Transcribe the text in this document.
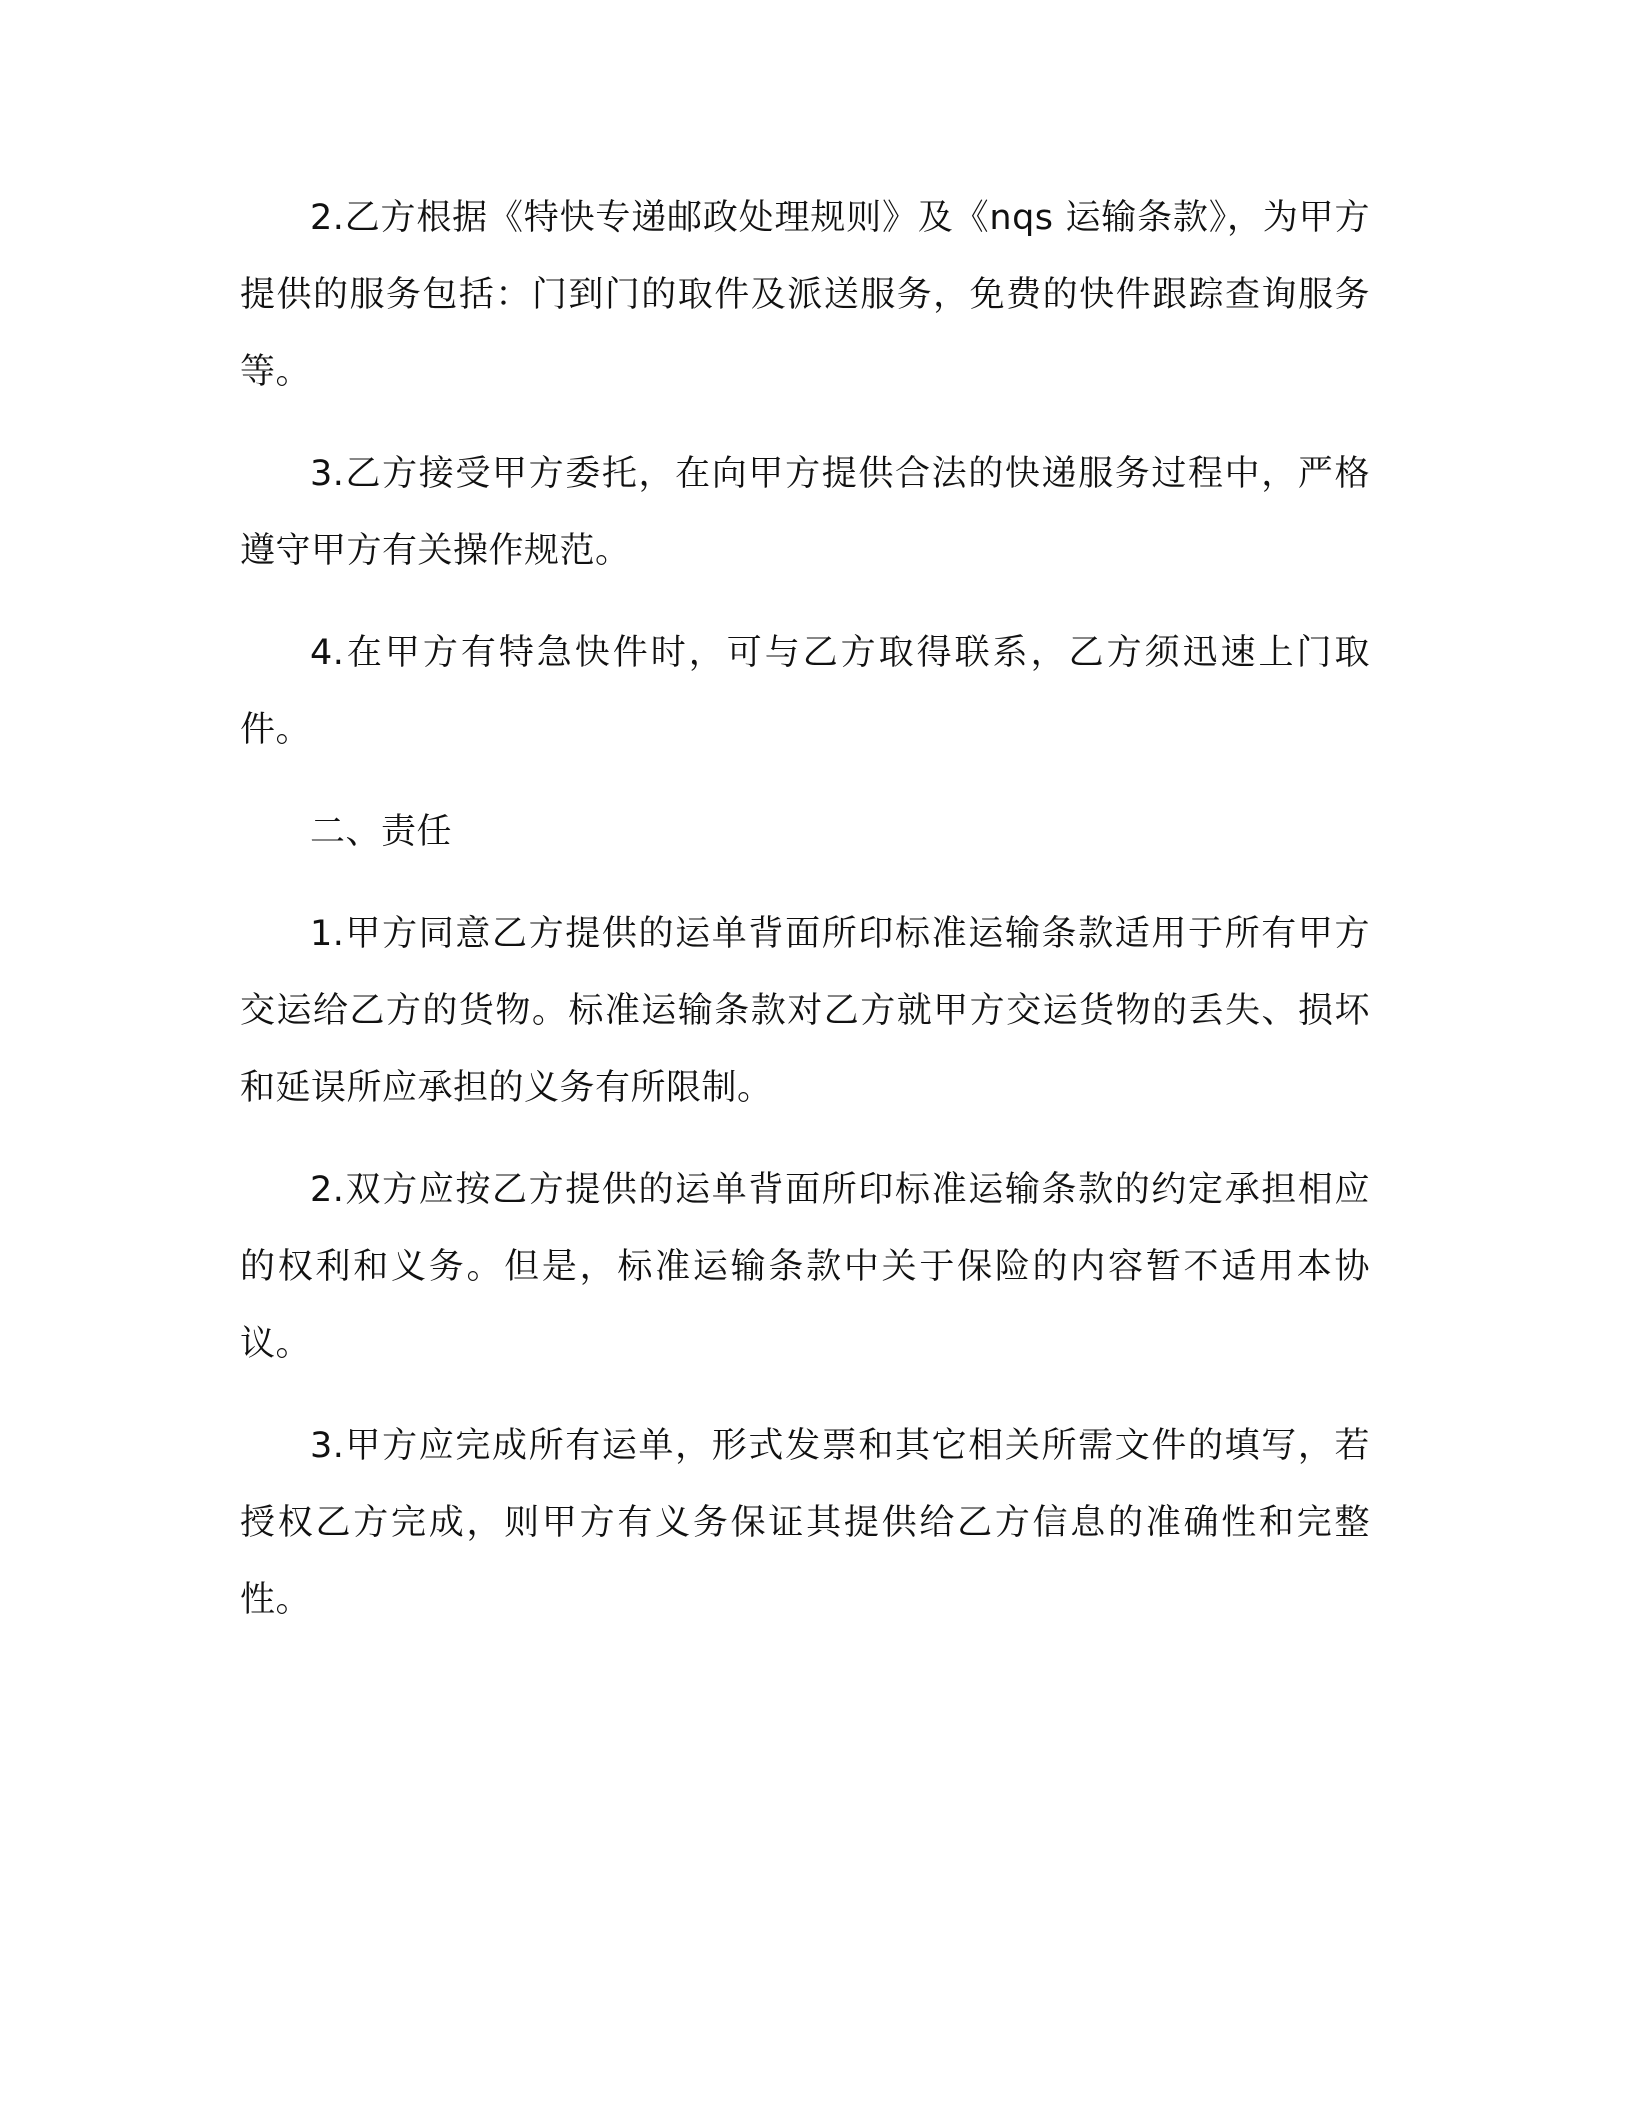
2.乙方根据《特快专递邮政处理规则》及《nqs 运输条款》，为甲方提供的服务包括：门到门的取件及派送服务，免费的快件跟踪查询服务等。

3.乙方接受甲方委托，在向甲方提供合法的快递服务过程中，严格遵守甲方有关操作规范。

4.在甲方有特急快件时，可与乙方取得联系，乙方须迅速上门取件。

二、责任

1.甲方同意乙方提供的运单背面所印标准运输条款适用于所有甲方交运给乙方的货物。标准运输条款对乙方就甲方交运货物的丢失、损坏和延误所应承担的义务有所限制。

2.双方应按乙方提供的运单背面所印标准运输条款的约定承担相应的权利和义务。但是，标准运输条款中关于保险的内容暂不适用本协议。

3.甲方应完成所有运单，形式发票和其它相关所需文件的填写，若授权乙方完成，则甲方有义务保证其提供给乙方信息的准确性和完整性。
